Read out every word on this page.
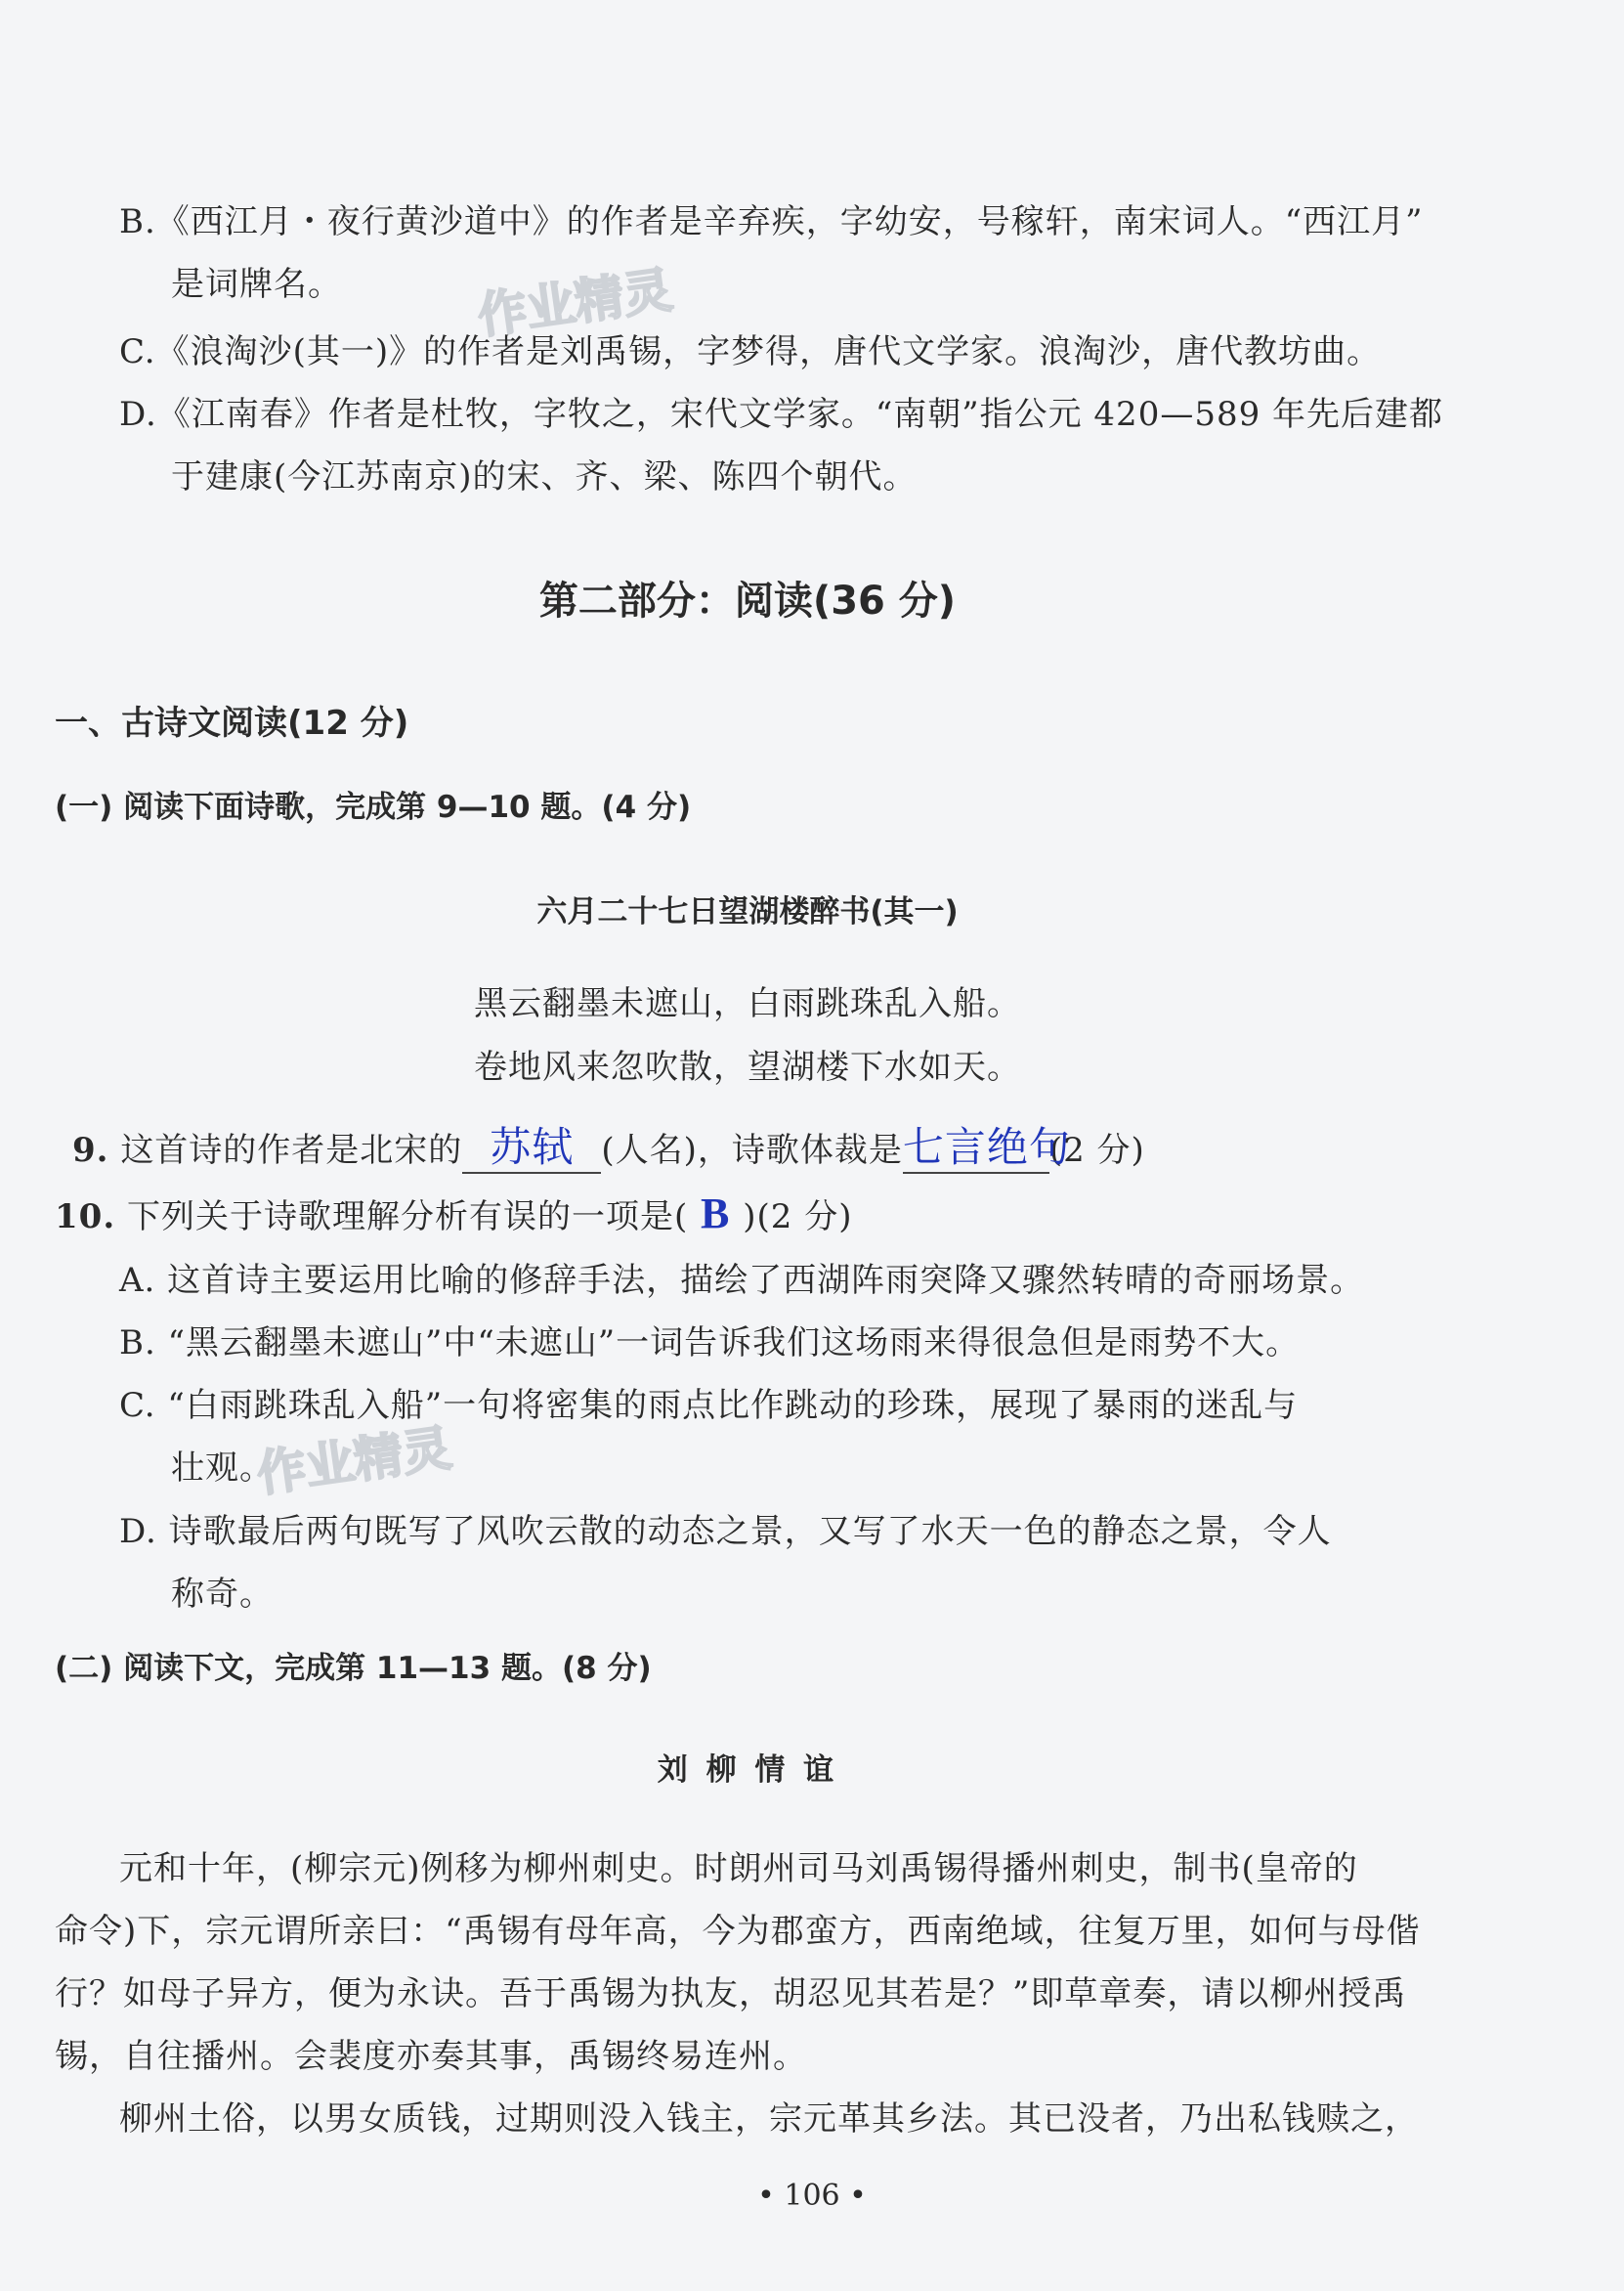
B.《西江月・夜行黄沙道中》的作者是辛弃疾，字幼安，号稼轩，南宋词人。“西江月”
是词牌名。
C.《浪淘沙(其一)》的作者是刘禹锡，字梦得，唐代文学家。浪淘沙，唐代教坊曲。
D.《江南春》作者是杜牧，字牧之，宋代文学家。“南朝”指公元 420—589 年先后建都
于建康(今江苏南京)的宋、齐、梁、陈四个朝代。
第二部分：阅读(36 分)
一、古诗文阅读(12 分)
(一) 阅读下面诗歌，完成第 9—10 题。(4 分)
六月二十七日望湖楼醉书(其一)
黑云翻墨未遮山，白雨跳珠乱入船。
卷地风来忽吹散，望湖楼下水如天。
9. 这首诗的作者是北宋的 苏轼 (人名)，诗歌体裁是 七言绝句
(2 分)
10. 下列关于诗歌理解分析有误的一项是( B )(2 分)
A. 这首诗主要运用比喻的修辞手法，描绘了西湖阵雨突降又骤然转晴的奇丽场景。
B. “黑云翻墨未遮山”中“未遮山”一词告诉我们这场雨来得很急但是雨势不大。
C. “白雨跳珠乱入船”一句将密集的雨点比作跳动的珍珠，展现了暴雨的迷乱与
壮观。
D. 诗歌最后两句既写了风吹云散的动态之景，又写了水天一色的静态之景，令人
称奇。
(二) 阅读下文，完成第 11—13 题。(8 分)
刘 柳 情 谊
元和十年，(柳宗元)例移为柳州刺史。时朗州司马刘禹锡得播州刺史，制书(皇帝的
命令)下，宗元谓所亲曰：“禹锡有母年高，今为郡蛮方，西南绝域，往复万里，如何与母偕
行？如母子异方，便为永诀。吾于禹锡为执友，胡忍见其若是？”即草章奏，请以柳州授禹
锡，自往播州。会裴度亦奏其事，禹锡终易连州。
柳州土俗，以男女质钱，过期则没入钱主，宗元革其乡法。其已没者，乃出私钱赎之，
作业精灵
作业精灵
• 106 •
